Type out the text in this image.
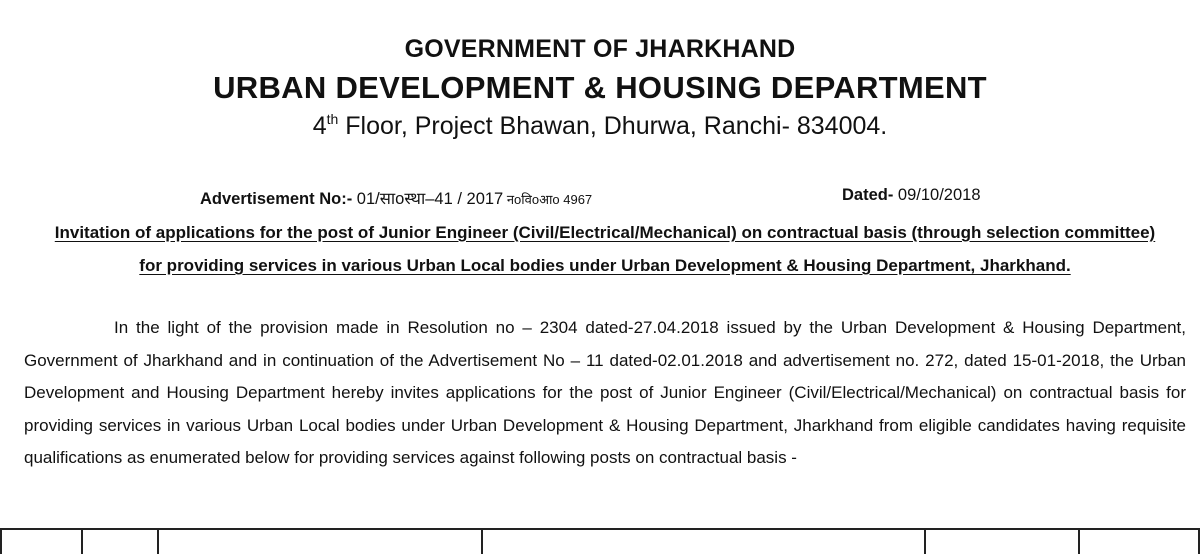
GOVERNMENT OF JHARKHAND
URBAN DEVELOPMENT & HOUSING DEPARTMENT
4th Floor, Project Bhawan, Dhurwa, Ranchi- 834004.
Advertisement No:- 01/साoस्था–41 / 2017 नoविoआo 4967	Dated- 09/10/2018
Invitation of applications for the post of Junior Engineer (Civil/Electrical/Mechanical) on contractual basis (through selection committee) for providing services in various Urban Local bodies under Urban Development & Housing Department, Jharkhand.

In the light of the provision made in Resolution no – 2304 dated-27.04.2018 issued by the Urban Development & Housing Department, Government of Jharkhand and in continuation of the Advertisement No – 11 dated-02.01.2018 and advertisement no. 272, dated 15-01-2018, the Urban Development and Housing Department hereby invites applications for the post of Junior Engineer (Civil/Electrical/Mechanical) on contractual basis for providing services in various Urban Local bodies under Urban Development & Housing Department, Jharkhand from eligible candidates having requisite qualifications as enumerated below for providing services against following posts on contractual basis -
